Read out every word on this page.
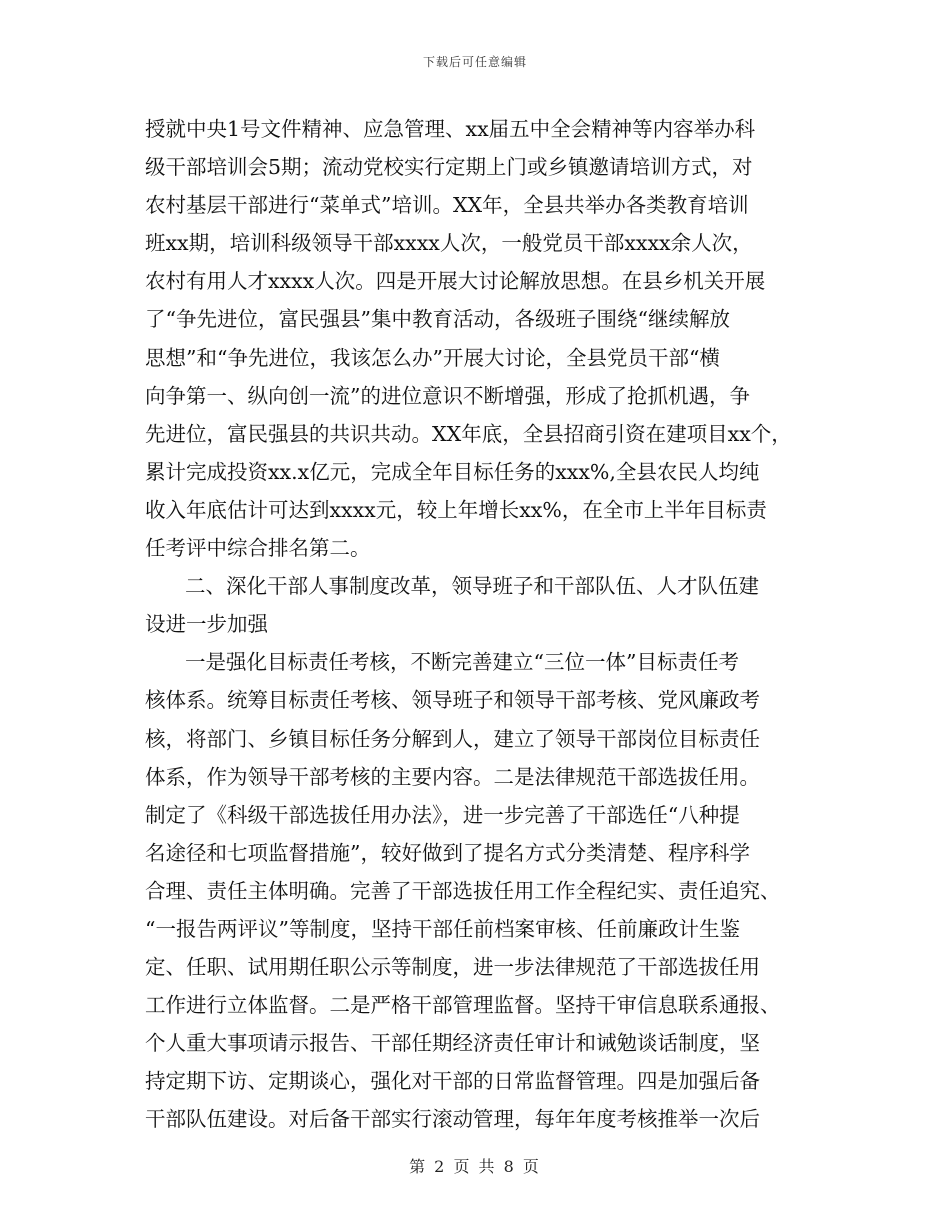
下载后可任意编辑
授就中央1号文件精神、应急管理、xx届五中全会精神等内容举办科
级干部培训会5期；流动党校实行定期上门或乡镇邀请培训方式，对
农村基层干部进行“菜单式”培训。XX年，全县共举办各类教育培训
班xx期，培训科级领导干部xxxx人次，一般党员干部xxxx余人次，
农村有用人才xxxx人次。四是开展大讨论解放思想。在县乡机关开展
了“争先进位，富民强县”集中教育活动，各级班子围绕“继续解放
思想”和“争先进位，我该怎么办”开展大讨论，全县党员干部“横
向争第一、纵向创一流”的进位意识不断增强，形成了抢抓机遇，争
先进位，富民强县的共识共动。XX年底，全县招商引资在建项目xx个，
累计完成投资xx.x亿元，完成全年目标任务的xxx%,全县农民人均纯
收入年底估计可达到xxxx元，较上年增长xx%，在全市上半年目标责
任考评中综合排名第二。
二、深化干部人事制度改革，领导班子和干部队伍、人才队伍建
设进一步加强
一是强化目标责任考核，不断完善建立“三位一体”目标责任考
核体系。统筹目标责任考核、领导班子和领导干部考核、党风廉政考
核，将部门、乡镇目标任务分解到人，建立了领导干部岗位目标责任
体系，作为领导干部考核的主要内容。二是法律规范干部选拔任用。
制定了《科级干部选拔任用办法》，进一步完善了干部选任“八种提
名途径和七项监督措施”，较好做到了提名方式分类清楚、程序科学
合理、责任主体明确。完善了干部选拔任用工作全程纪实、责任追究、
“一报告两评议”等制度，坚持干部任前档案审核、任前廉政计生鉴
定、任职、试用期任职公示等制度，进一步法律规范了干部选拔任用
工作进行立体监督。二是严格干部管理监督。坚持干审信息联系通报、
个人重大事项请示报告、干部任期经济责任审计和诫勉谈话制度，坚
持定期下访、定期谈心，强化对干部的日常监督管理。四是加强后备
干部队伍建设。对后备干部实行滚动管理，每年年度考核推举一次后
第 2 页 共 8 页
